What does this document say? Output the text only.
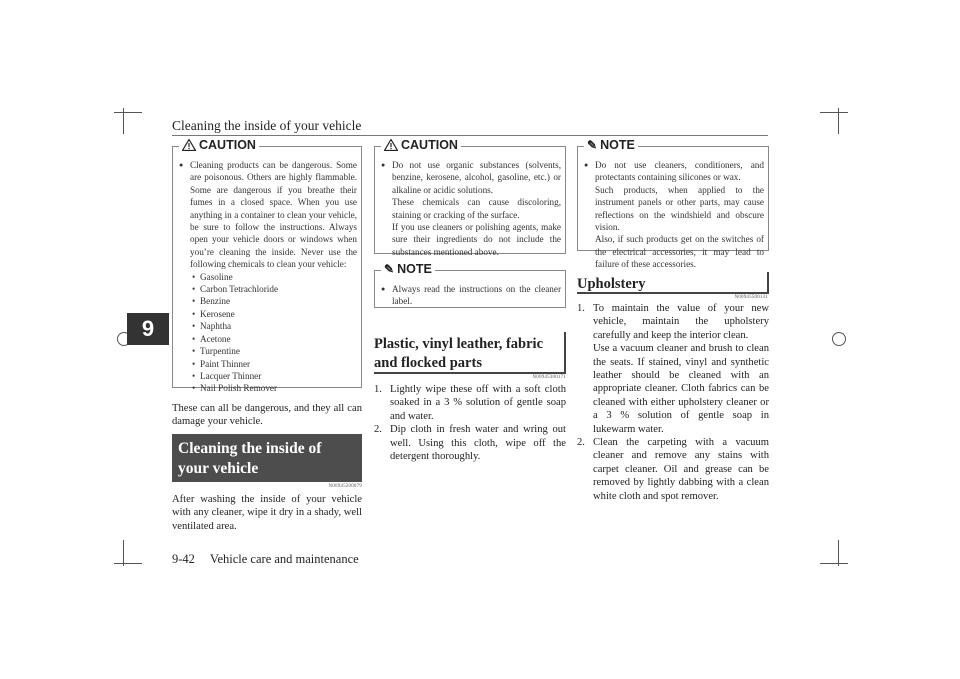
Cleaning the inside of your vehicle
9
CAUTION
● Cleaning products can be dangerous. Some are poisonous. Others are highly flammable. Some are dangerous if you breathe their fumes in a closed space. When you use anything in a container to clean your vehicle, be sure to follow the instructions. Always open your vehicle doors or windows when you’re cleaning the inside. Never use the following chemicals to clean your vehicle:
• Gasoline
• Carbon Tetrachloride
• Benzine
• Kerosene
• Naphtha
• Acetone
• Turpentine
• Paint Thinner
• Lacquer Thinner
• Nail Polish Remover
These can all be dangerous, and they all can damage your vehicle.
Cleaning the inside of your vehicle
N00945200079
After washing the inside of your vehicle with any cleaner, wipe it dry in a shady, well ventilated area.
CAUTION
● Do not use organic substances (solvents, benzine, kerosene, alcohol, gasoline, etc.) or alkaline or acidic solutions.
These chemicals can cause discoloring, staining or cracking of the surface.
If you use cleaners or polishing agents, make sure their ingredients do not include the substances mentioned above.
✎ NOTE
● Always read the instructions on the cleaner label.
Plastic, vinyl leather, fabric and flocked parts
N00945300171
1. Lightly wipe these off with a soft cloth soaked in a 3 % solution of gentle soap and water.
2. Dip cloth in fresh water and wring out well. Using this cloth, wipe off the detergent thoroughly.
✎ NOTE
● Do not use cleaners, conditioners, and protectants containing silicones or wax.
Such products, when applied to the instrument panels or other parts, may cause reflections on the windshield and obscure vision.
Also, if such products get on the switches of the electrical accessories, it may lead to failure of these accessories.
Upholstery
N00945500131
1. To maintain the value of your new vehicle, maintain the upholstery carefully and keep the interior clean.
Use a vacuum cleaner and brush to clean the seats. If stained, vinyl and synthetic leather should be cleaned with an appropriate cleaner. Cloth fabrics can be cleaned with either upholstery cleaner or a 3 % solution of gentle soap in lukewarm water.
2. Clean the carpeting with a vacuum cleaner and remove any stains with carpet cleaner. Oil and grease can be removed by lightly dabbing with a clean white cloth and spot remover.
9-42 Vehicle care and maintenance
